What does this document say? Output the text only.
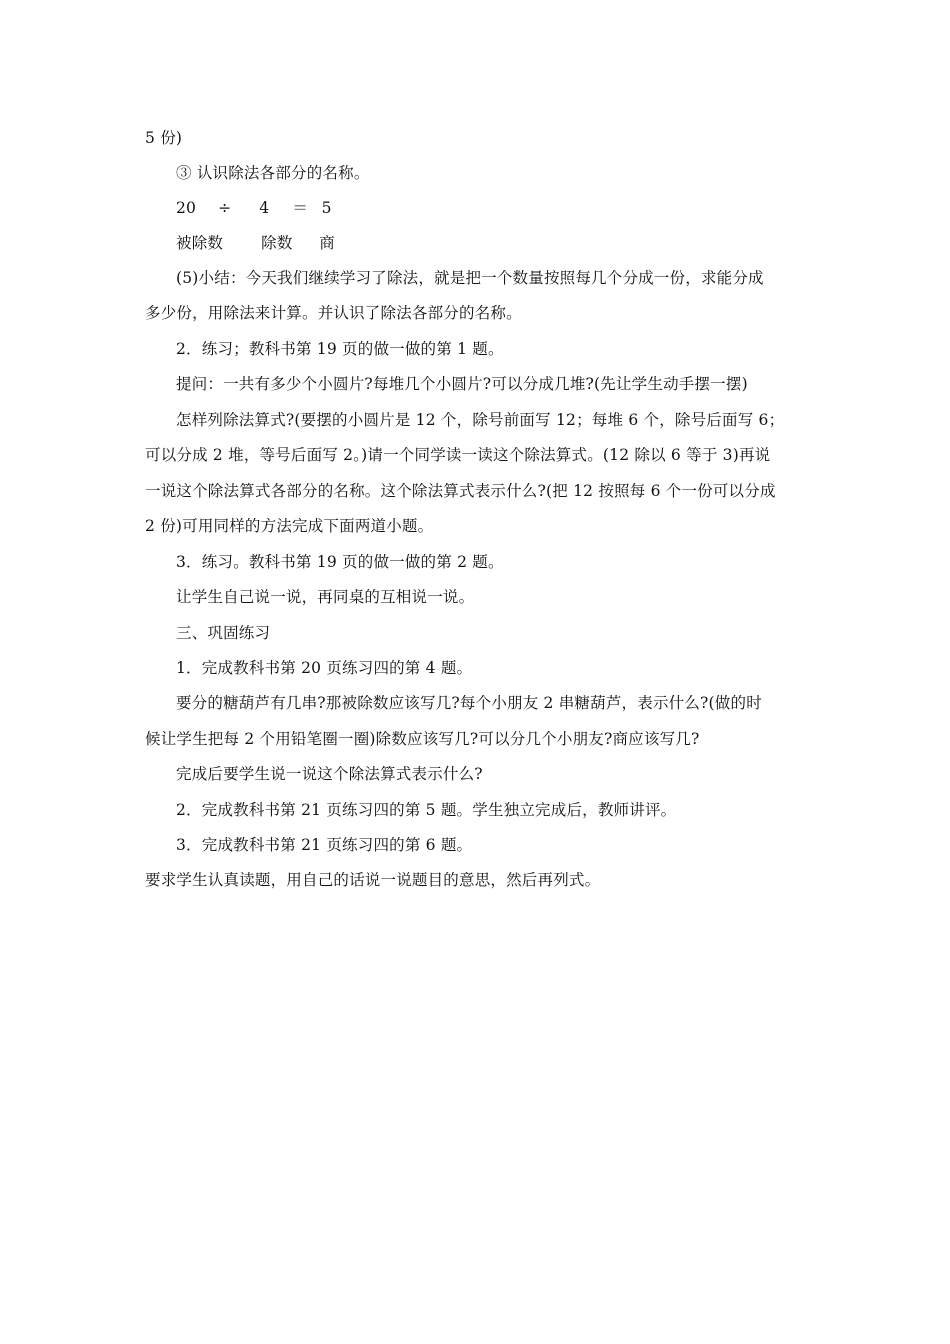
5 份)
③ 认识除法各部分的名称。
20 ÷ 4 ＝ 5
被除数 除数 商
(5)小结：今天我们继续学习了除法，就是把一个数量按照每几个分成一份，求能分成
多少份，用除法来计算。并认识了除法各部分的名称。
2．练习；教科书第 19 页的做一做的第 1 题。
提问：一共有多少个小圆片?每堆几个小圆片?可以分成几堆?(先让学生动手摆一摆)
怎样列除法算式?(要摆的小圆片是 12 个，除号前面写 12；每堆 6 个，除号后面写 6；
可以分成 2 堆，等号后面写 2。)请一个同学读一读这个除法算式。(12 除以 6 等于 3)再说
一说这个除法算式各部分的名称。这个除法算式表示什么?(把 12 按照每 6 个一份可以分成
2 份)可用同样的方法完成下面两道小题。
3．练习。教科书第 19 页的做一做的第 2 题。
让学生自己说一说，再同桌的互相说一说。
三、巩固练习
1．完成教科书第 20 页练习四的第 4 题。
要分的糖葫芦有几串?那被除数应该写几?每个小朋友 2 串糖葫芦，表示什么?(做的时
候让学生把每 2 个用铅笔圈一圈)除数应该写几?可以分几个小朋友?商应该写几?
完成后要学生说一说这个除法算式表示什么?
2．完成教科书第 21 页练习四的第 5 题。学生独立完成后，教师讲评。
3．完成教科书第 21 页练习四的第 6 题。
要求学生认真读题，用自己的话说一说题目的意思，然后再列式。
